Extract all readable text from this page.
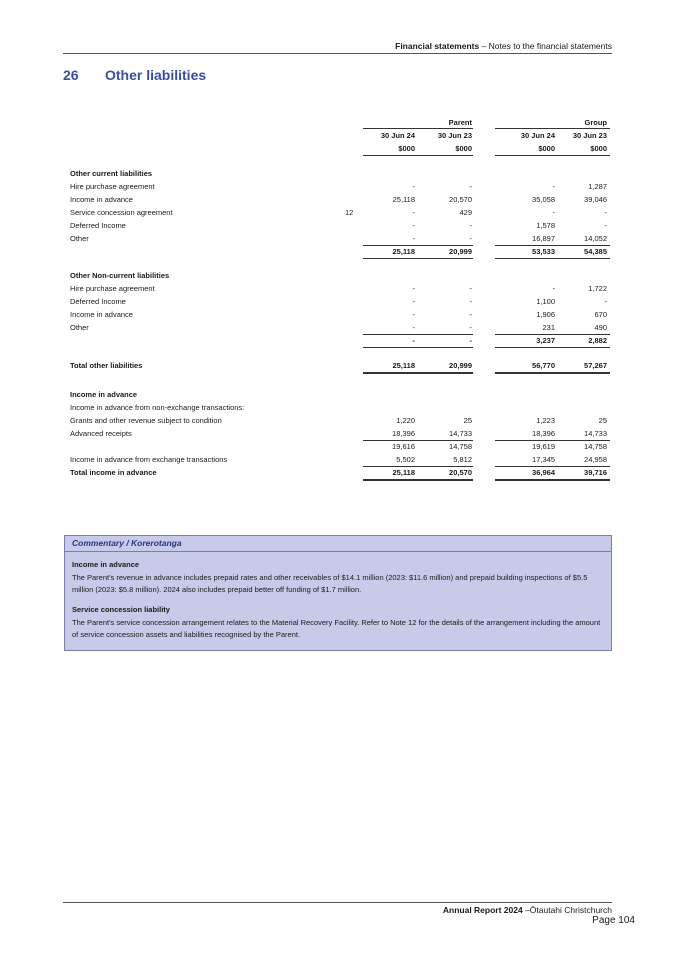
Financial statements – Notes to the financial statements
26 Other liabilities
Parent	Group
30 Jun 24	30 Jun 23	30 Jun 24	30 Jun 23
$000	$000	$000	$000
Other current liabilities
Hire purchase agreement	-	-	-	1,287
Income in advance	25,118	20,570	35,058	39,046
Service concession agreement	12	-	429	-	-
Deferred Income	-	-	1,578	-
Other	-	-	16,897	14,052
25,118	20,999	53,533	54,385
Other Non-current liabilities
Hire purchase agreement	-	-	-	1,722
Deferred Income	-	-	1,100	-
Income in advance	-	-	1,906	670
Other	-	-	231	490
-	-	3,237	2,882
Total other liabilities	25,118	20,999	56,770	57,267
Income in advance
Income in advance from non-exchange transactions:
Grants and other revenue subject to condition	1,220	25	1,223	25
Advanced receipts	18,396	14,733	18,396	14,733
19,616	14,758	19,619	14,758
Income in advance from exchange transactions	5,502	5,812	17,345	24,958
Total income in advance	25,118	20,570	36,964	39,716
Commentary / Korerotanga
Income in advance
The Parent's revenue in advance includes prepaid rates and other receivables of $14.1 million (2023: $11.6 million) and prepaid building inspections of $5.5 million (2023: $5.8 million). 2024 also includes prepaid better off funding of $1.7 million.
Service concession liability
The Parent's service concession arrangement relates to the Material Recovery Facility. Refer to Note 12 for the details of the arrangement including the amount of service concession assets and liabilities recognised by the Parent.
Annual Report 2024 –Ōtautahi Christchurch
Page 104
